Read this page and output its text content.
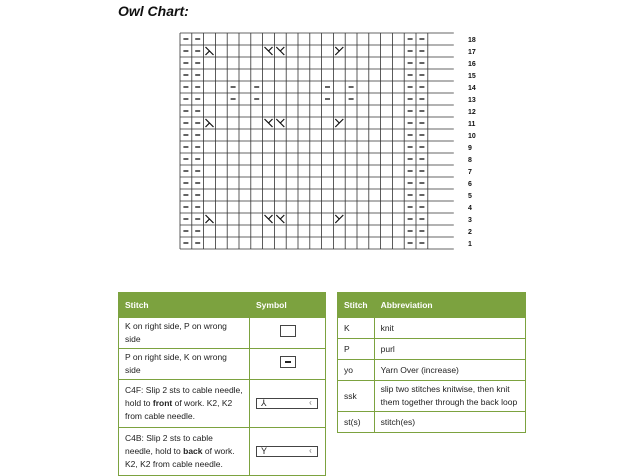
Owl Chart:
18
17
16
15
14
13
12
11
10
9
8
7
6
5
4
3
2
1
Stitch	Symbol
K on right side, P on wrong side	
P on right side, K on wrong side	
C4F: Slip 2 sts to cable needle, hold to front of work. K2, K2 from cable needle.	⅄ ᚲ

C4B: Slip 2 sts to cable needle, hold to back of work. K2, K2 from cable needle.	Y ᚲ
Stitch	Abbreviation
K	knit
P	purl
yo	Yarn Over (increase)
ssk	slip two stitches knitwise, then knit them together through the back loop
st(s)	stitch(es)
